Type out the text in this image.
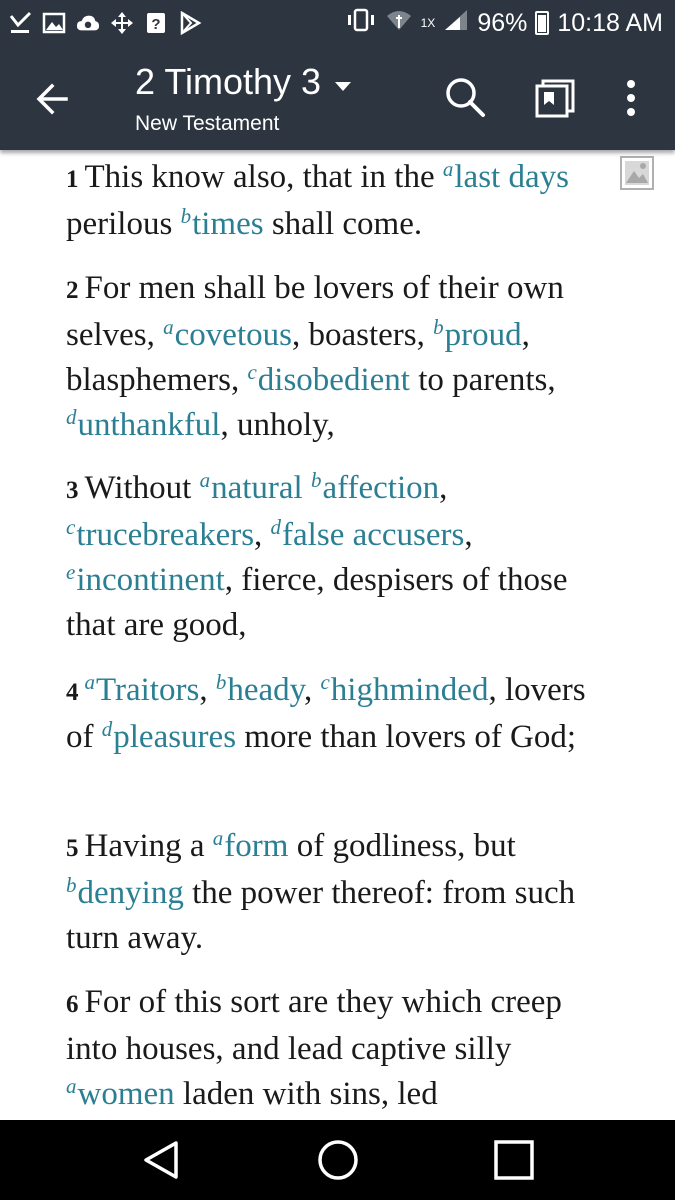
?	1X 96% 10:18 AM
2 Timothy 3
New Testament

1 This know also, that in the $^a$last days perilous $^b$times shall come.

2 For men shall be lovers of their own selves, $^a$covetous, boasters, $^b$proud, blasphemers, $^c$disobedient to parents, $^d$unthankful, unholy,

3 Without $^a$natural $^b$affection, $^c$trucebreakers, $^d$false accusers, $^e$incontinent, fierce, despisers of those that are good,

4 $^a$Traitors, $^b$heady, $^c$highminded, lovers of $^d$pleasures more than lovers of God;

5 Having a $^a$form of godliness, but $^b$denying the power thereof: from such turn away.

6 For of this sort are they which creep into houses, and lead captive silly $^a$women laden with sins, led
